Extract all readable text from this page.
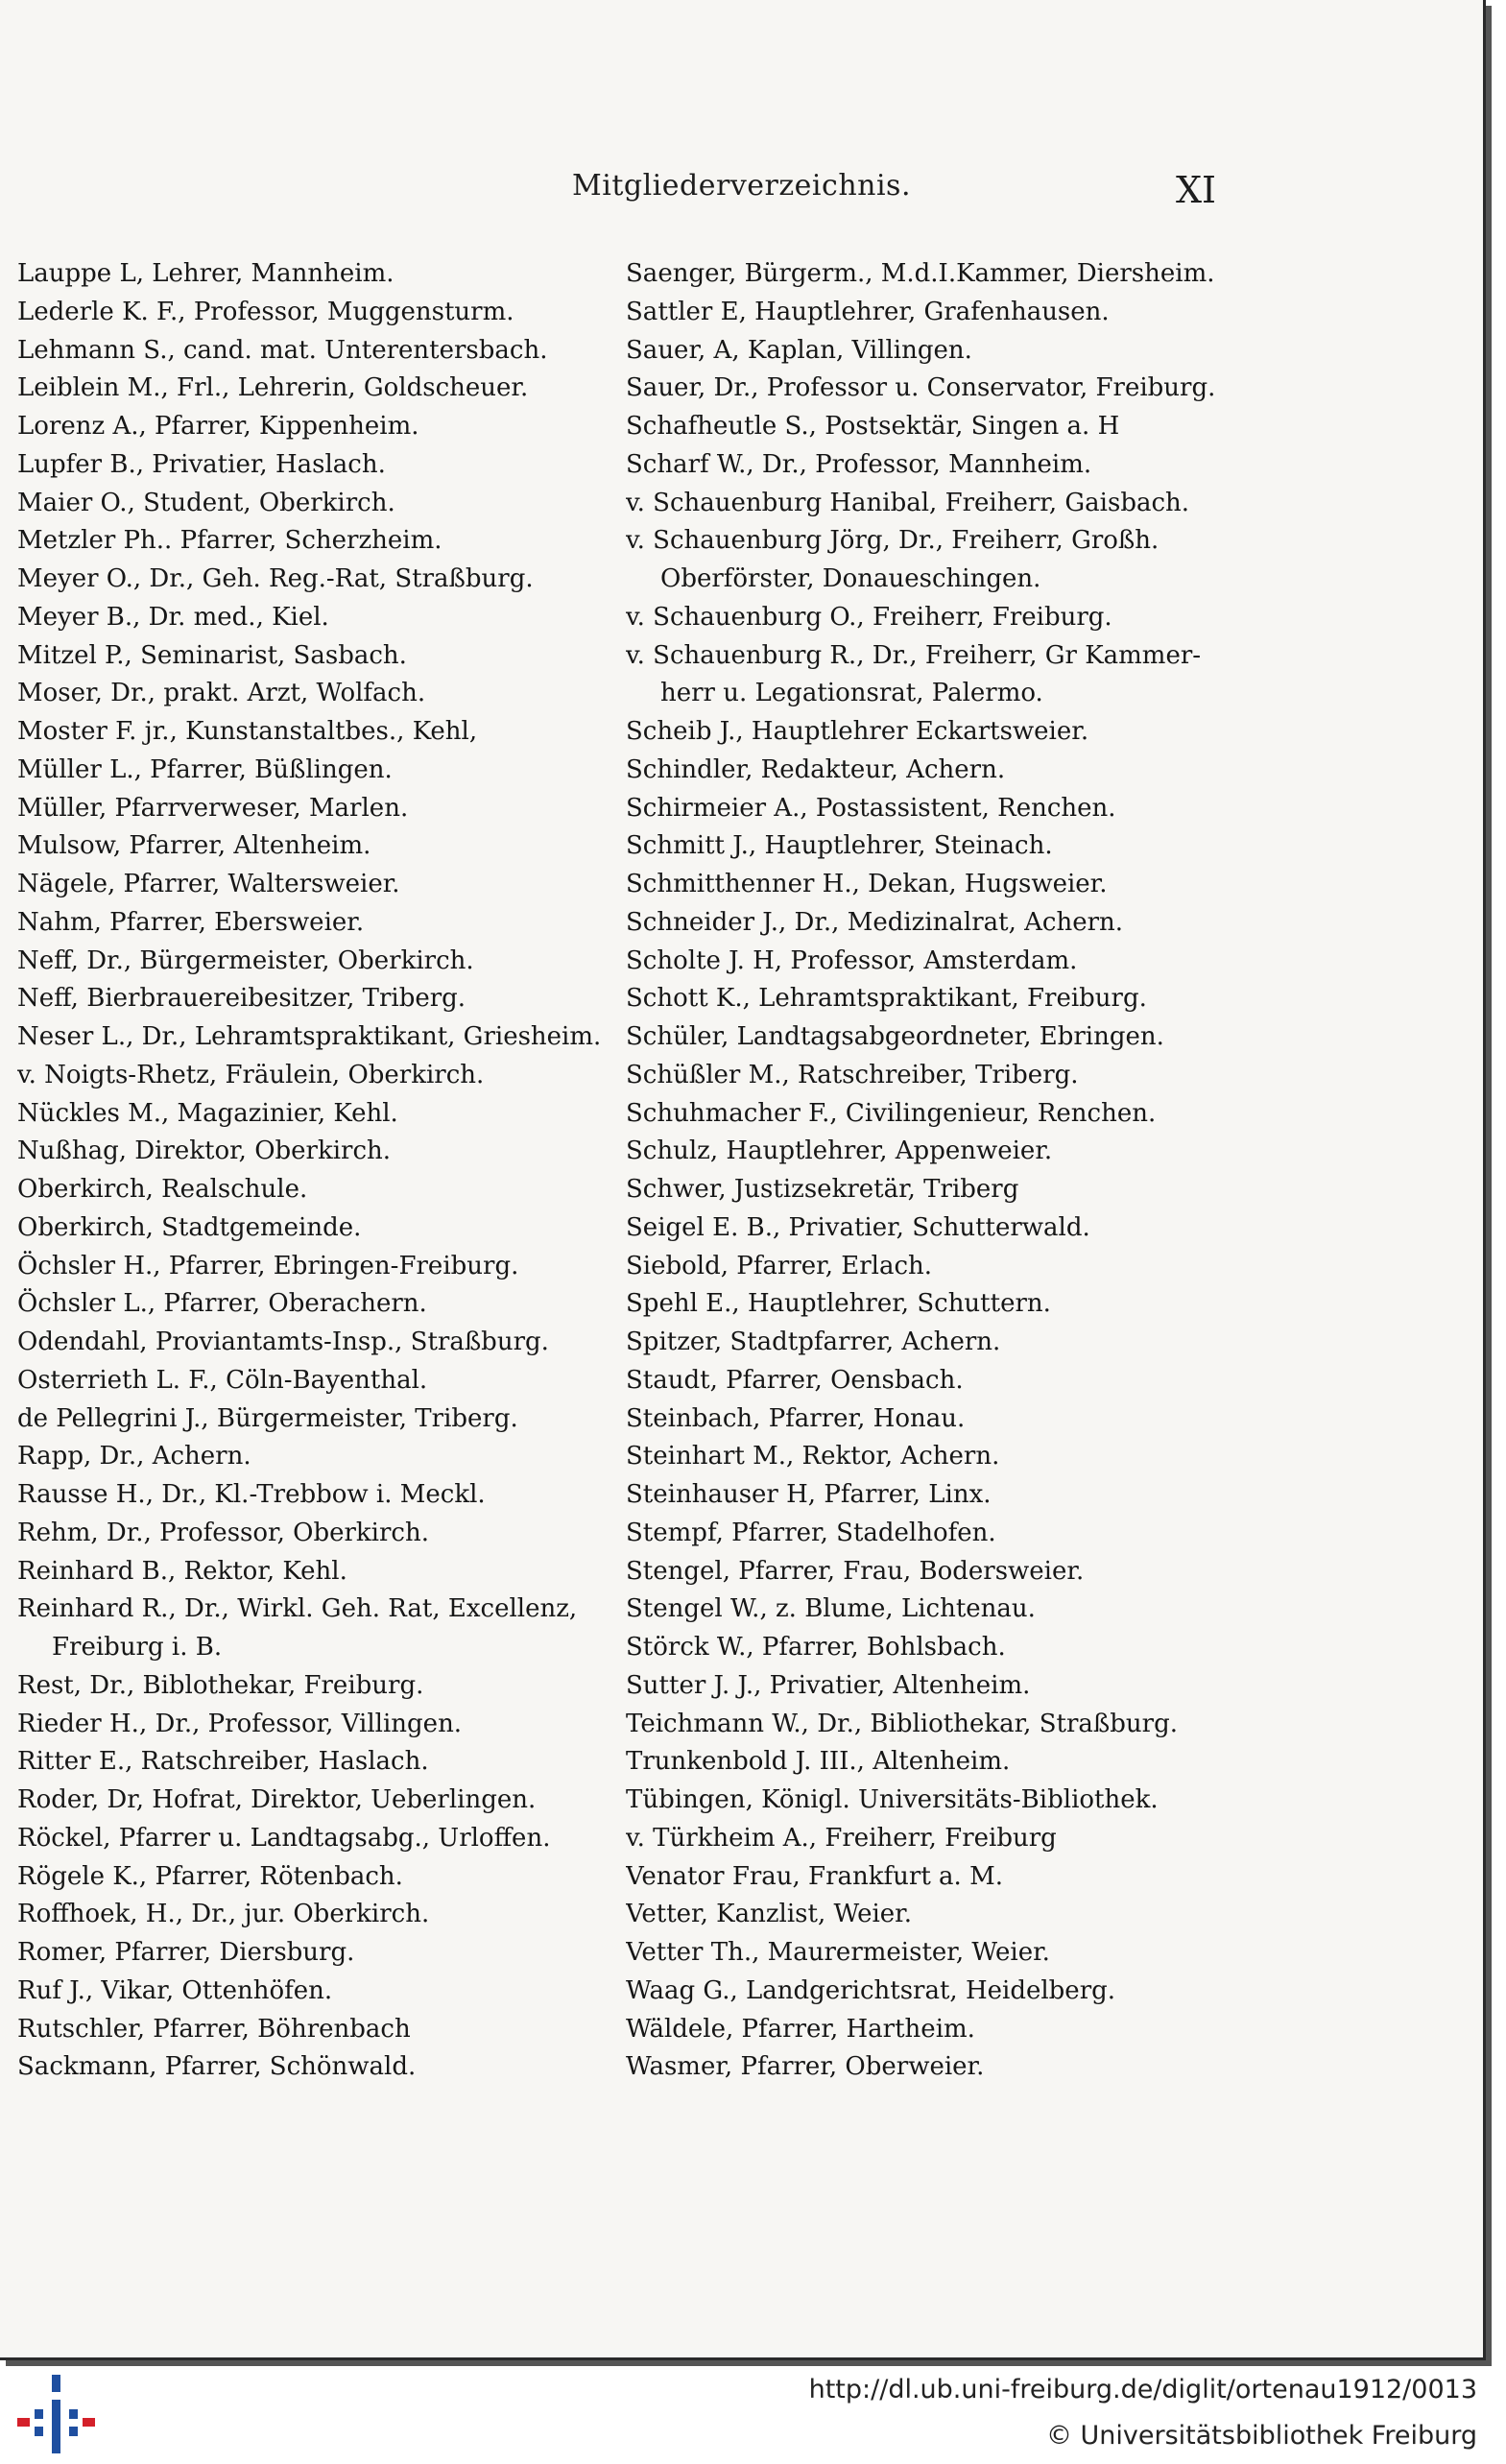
Mitgliederverzeichnis.	XI
Lauppe L, Lehrer, Mannheim.
Lederle K. F., Professor, Muggensturm.
Lehmann S., cand. mat. Unterentersbach.
Leiblein M., Frl., Lehrerin, Goldscheuer.
Lorenz A., Pfarrer, Kippenheim.
Lupfer B., Privatier, Haslach.
Maier O., Student, Oberkirch.
Metzler Ph.. Pfarrer, Scherzheim.
Meyer O., Dr., Geh. Reg.-Rat, Straßburg.
Meyer B., Dr. med., Kiel.
Mitzel P., Seminarist, Sasbach.
Moser, Dr., prakt. Arzt, Wolfach.
Moster F. jr., Kunstanstaltbes., Kehl,
Müller L., Pfarrer, Büßlingen.
Müller, Pfarrverweser, Marlen.
Mulsow, Pfarrer, Altenheim.
Nägele, Pfarrer, Waltersweier.
Nahm, Pfarrer, Ebersweier.
Neff, Dr., Bürgermeister, Oberkirch.
Neff, Bierbrauereibesitzer, Triberg.
Neser L., Dr., Lehramtspraktikant, Griesheim.
v. Noigts-Rhetz, Fräulein, Oberkirch.
Nückles M., Magazinier, Kehl.
Nußhag, Direktor, Oberkirch.
Oberkirch, Realschule.
Oberkirch, Stadtgemeinde.
Öchsler H., Pfarrer, Ebringen-Freiburg.
Öchsler L., Pfarrer, Oberachern.
Odendahl, Proviantamts-Insp., Straßburg.
Osterrieth L. F., Cöln-Bayenthal.
de Pellegrini J., Bürgermeister, Triberg.
Rapp, Dr., Achern.
Rausse H., Dr., Kl.-Trebbow i. Meckl.
Rehm, Dr., Professor, Oberkirch.
Reinhard B., Rektor, Kehl.
Reinhard R., Dr., Wirkl. Geh. Rat, Excellenz,
Freiburg i. B.
Rest, Dr., Biblothekar, Freiburg.
Rieder H., Dr., Professor, Villingen.
Ritter E., Ratschreiber, Haslach.
Roder, Dr, Hofrat, Direktor, Ueberlingen.
Röckel, Pfarrer u. Landtagsabg., Urloffen.
Rögele K., Pfarrer, Rötenbach.
Roffhoek, H., Dr., jur. Oberkirch.
Romer, Pfarrer, Diersburg.
Ruf J., Vikar, Ottenhöfen.
Rutschler, Pfarrer, Böhrenbach
Sackmann, Pfarrer, Schönwald.
Saenger, Bürgerm., M.d.I.Kammer, Diersheim.
Sattler E, Hauptlehrer, Grafenhausen.
Sauer, A, Kaplan, Villingen.
Sauer, Dr., Professor u. Conservator, Freiburg.
Schafheutle S., Postsektär, Singen a. H
Scharf W., Dr., Professor, Mannheim.
v. Schauenburg Hanibal, Freiherr, Gaisbach.
v. Schauenburg Jörg, Dr., Freiherr, Großh.
Oberförster, Donaueschingen.
v. Schauenburg O., Freiherr, Freiburg.
v. Schauenburg R., Dr., Freiherr, Gr Kammer-
herr u. Legationsrat, Palermo.
Scheib J., Hauptlehrer Eckartsweier.
Schindler, Redakteur, Achern.
Schirmeier A., Postassistent, Renchen.
Schmitt J., Hauptlehrer, Steinach.
Schmitthenner H., Dekan, Hugsweier.
Schneider J., Dr., Medizinalrat, Achern.
Scholte J. H, Professor, Amsterdam.
Schott K., Lehramtspraktikant, Freiburg.
Schüler, Landtagsabgeordneter, Ebringen.
Schüßler M., Ratschreiber, Triberg.
Schuhmacher F., Civilingenieur, Renchen.
Schulz, Hauptlehrer, Appenweier.
Schwer, Justizsekretär, Triberg
Seigel E. B., Privatier, Schutterwald.
Siebold, Pfarrer, Erlach.
Spehl E., Hauptlehrer, Schuttern.
Spitzer, Stadtpfarrer, Achern.
Staudt, Pfarrer, Oensbach.
Steinbach, Pfarrer, Honau.
Steinhart M., Rektor, Achern.
Steinhauser H, Pfarrer, Linx.
Stempf, Pfarrer, Stadelhofen.
Stengel, Pfarrer, Frau, Bodersweier.
Stengel W., z. Blume, Lichtenau.
Störck W., Pfarrer, Bohlsbach.
Sutter J. J., Privatier, Altenheim.
Teichmann W., Dr., Bibliothekar, Straßburg.
Trunkenbold J. III., Altenheim.
Tübingen, Königl. Universitäts-Bibliothek.
v. Türkheim A., Freiherr, Freiburg
Venator Frau, Frankfurt a. M.
Vetter, Kanzlist, Weier.
Vetter Th., Maurermeister, Weier.
Waag G., Landgerichtsrat, Heidelberg.
Wäldele, Pfarrer, Hartheim.
Wasmer, Pfarrer, Oberweier.
http://dl.ub.uni-freiburg.de/diglit/ortenau1912/0013
© Universitätsbibliothek Freiburg
